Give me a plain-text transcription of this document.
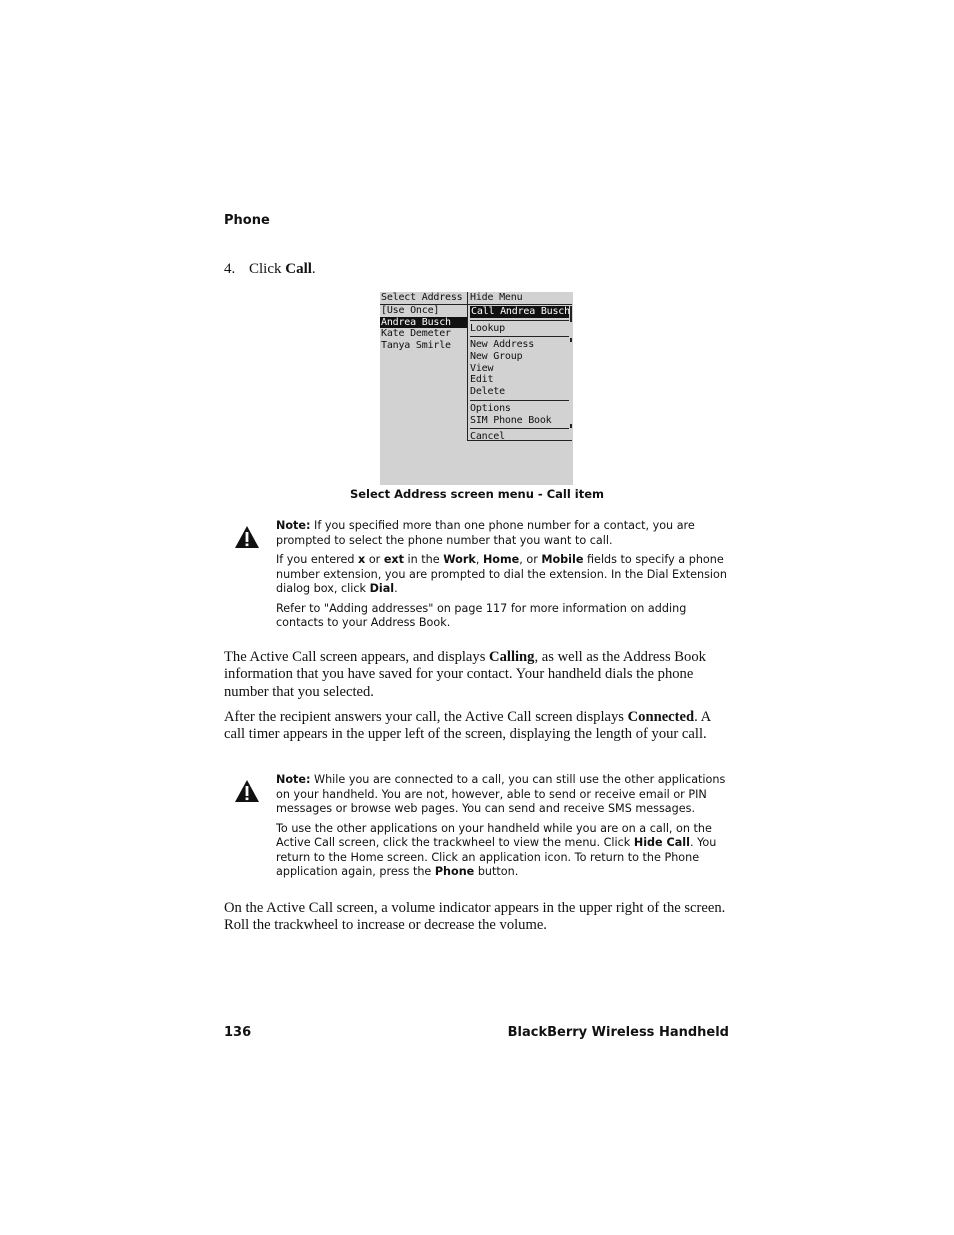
Phone
4. Click Call.
Select Address
[Use Once]
Andrea Busch
Kate Demeter
Tanya Smirle
Hide Menu
Call Andrea Busch
Lookup
New Address
New Group
View
Edit
Delete
Options
SIM Phone Book
Cancel
Select Address screen menu - Call item

Note: If you specified more than one phone number for a contact, you are prompted to select the phone number that you want to call.

If you entered x or ext in the Work, Home, or Mobile fields to specify a phone number extension, you are prompted to dial the extension. In the Dial Extension dialog box, click Dial.

Refer to "Adding addresses" on page 117 for more information on adding contacts to your Address Book.

The Active Call screen appears, and displays Calling, as well as the Address Book information that you have saved for your contact. Your handheld dials the phone number that you selected.
After the recipient answers your call, the Active Call screen displays Connected. A call timer appears in the upper left of the screen, displaying the length of your call.

Note: While you are connected to a call, you can still use the other applications on your handheld. You are not, however, able to send or receive email or PIN messages or browse web pages. You can send and receive SMS messages.

To use the other applications on your handheld while you are on a call, on the Active Call screen, click the trackwheel to view the menu. Click Hide Call. You return to the Home screen. Click an application icon. To return to the Phone application again, press the Phone button.

On the Active Call screen, a volume indicator appears in the upper right of the screen. Roll the trackwheel to increase or decrease the volume.
136	BlackBerry Wireless Handheld
